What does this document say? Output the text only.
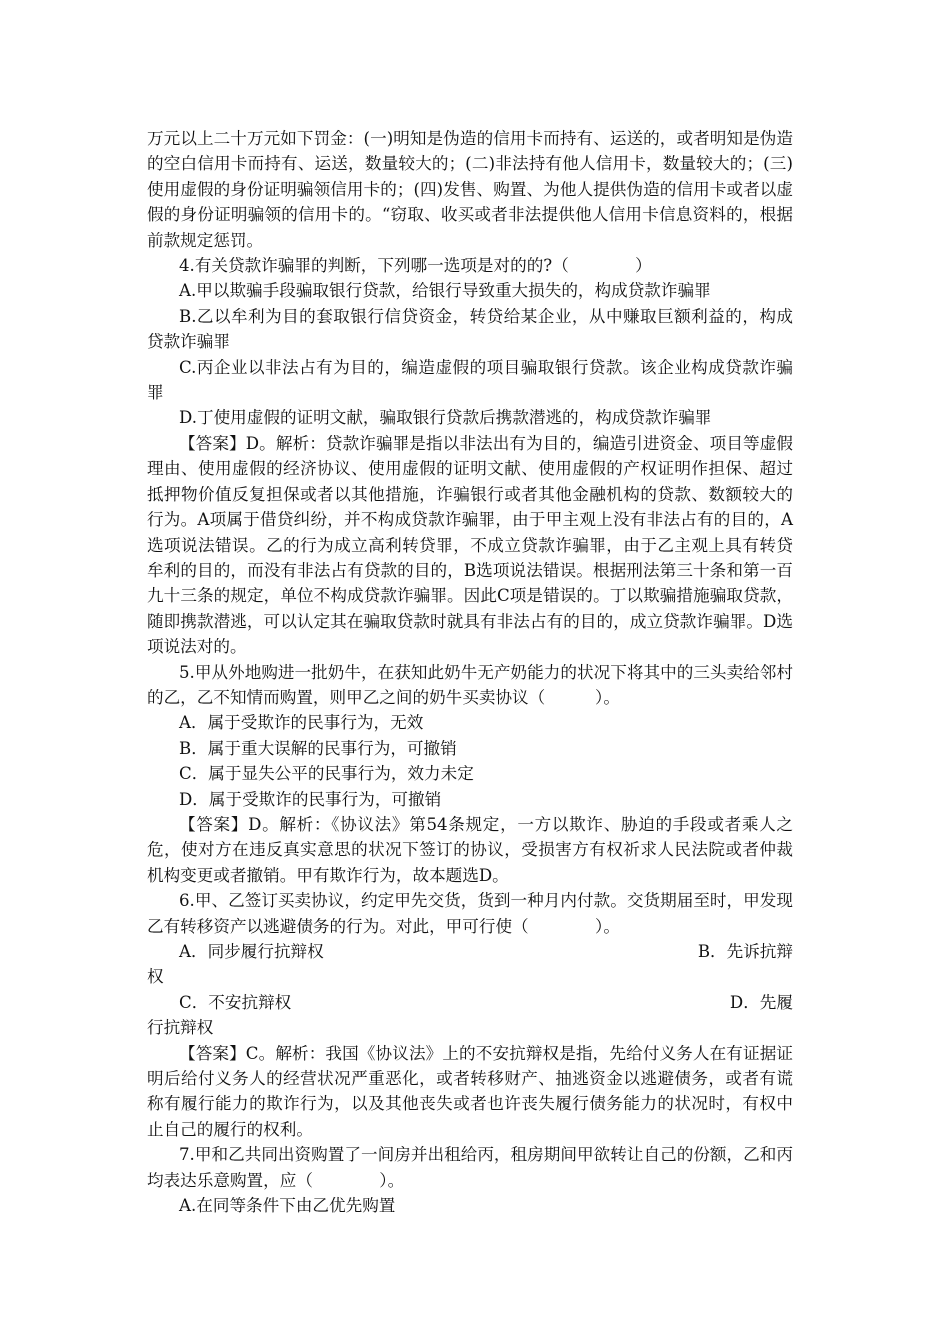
万元以上二十万元如下罚金：(一)明知是伪造的信用卡而持有、运送的，或者明知是伪造的空白信用卡而持有、运送，数量较大的；(二)非法持有他人信用卡，数量较大的；(三)使用虚假的身份证明骗领信用卡的；(四)发售、购置、为他人提供伪造的信用卡或者以虚假的身份证明骗领的信用卡的。“窃取、收买或者非法提供他人信用卡信息资料的，根据前款规定惩罚。

4.有关贷款诈骗罪的判断，下列哪一选项是对的的?（　　　　）

A.甲以欺骗手段骗取银行贷款，给银行导致重大损失的，构成贷款诈骗罪

B.乙以牟利为目的套取银行信贷资金，转贷给某企业，从中赚取巨额利益的，构成贷款诈骗罪

C.丙企业以非法占有为目的，编造虚假的项目骗取银行贷款。该企业构成贷款诈骗罪

D.丁使用虚假的证明文献，骗取银行贷款后携款潜逃的，构成贷款诈骗罪

【答案】D。解析：贷款诈骗罪是指以非法出有为目的，编造引进资金、项目等虚假理由、使用虚假的经济协议、使用虚假的证明文献、使用虚假的产权证明作担保、超过抵押物价值反复担保或者以其他措施，诈骗银行或者其他金融机构的贷款、数额较大的行为。A项属于借贷纠纷，并不构成贷款诈骗罪，由于甲主观上没有非法占有的目的，A选项说法错误。乙的行为成立高利转贷罪，不成立贷款诈骗罪，由于乙主观上具有转贷牟利的目的，而没有非法占有贷款的目的，B选项说法错误。根据刑法第三十条和第一百九十三条的规定，单位不构成贷款诈骗罪。因此C项是错误的。丁以欺骗措施骗取贷款，随即携款潜逃，可以认定其在骗取贷款时就具有非法占有的目的，成立贷款诈骗罪。D选项说法对的。

5.甲从外地购进一批奶牛，在获知此奶牛无产奶能力的状况下将其中的三头卖给邻村的乙，乙不知情而购置，则甲乙之间的奶牛买卖协议（　　　）。

A．属于受欺诈的民事行为，无效

B．属于重大误解的民事行为，可撤销

C．属于显失公平的民事行为，效力未定

D．属于受欺诈的民事行为，可撤销

【答案】D。解析：《协议法》第54条规定，一方以欺诈、胁迫的手段或者乘人之危，使对方在违反真实意思的状况下签订的协议，受损害方有权祈求人民法院或者仲裁机构变更或者撤销。甲有欺诈行为，故本题选D。

6.甲、乙签订买卖协议，约定甲先交货，货到一种月内付款。交货期届至时，甲发现乙有转移资产以逃避债务的行为。对此，甲可行使（　　　　）。

A．同步履行抗辩权	B．先诉抗辩

权

C．不安抗辩权	D．先履

行抗辩权

【答案】C。解析：我国《协议法》上的不安抗辩权是指，先给付义务人在有证据证明后给付义务人的经营状况严重恶化，或者转移财产、抽逃资金以逃避债务，或者有谎称有履行能力的欺诈行为，以及其他丧失或者也许丧失履行债务能力的状况时，有权中止自己的履行的权利。

7.甲和乙共同出资购置了一间房并出租给丙，租房期间甲欲转让自己的份额，乙和丙均表达乐意购置，应（　　　　）。

A.在同等条件下由乙优先购置
